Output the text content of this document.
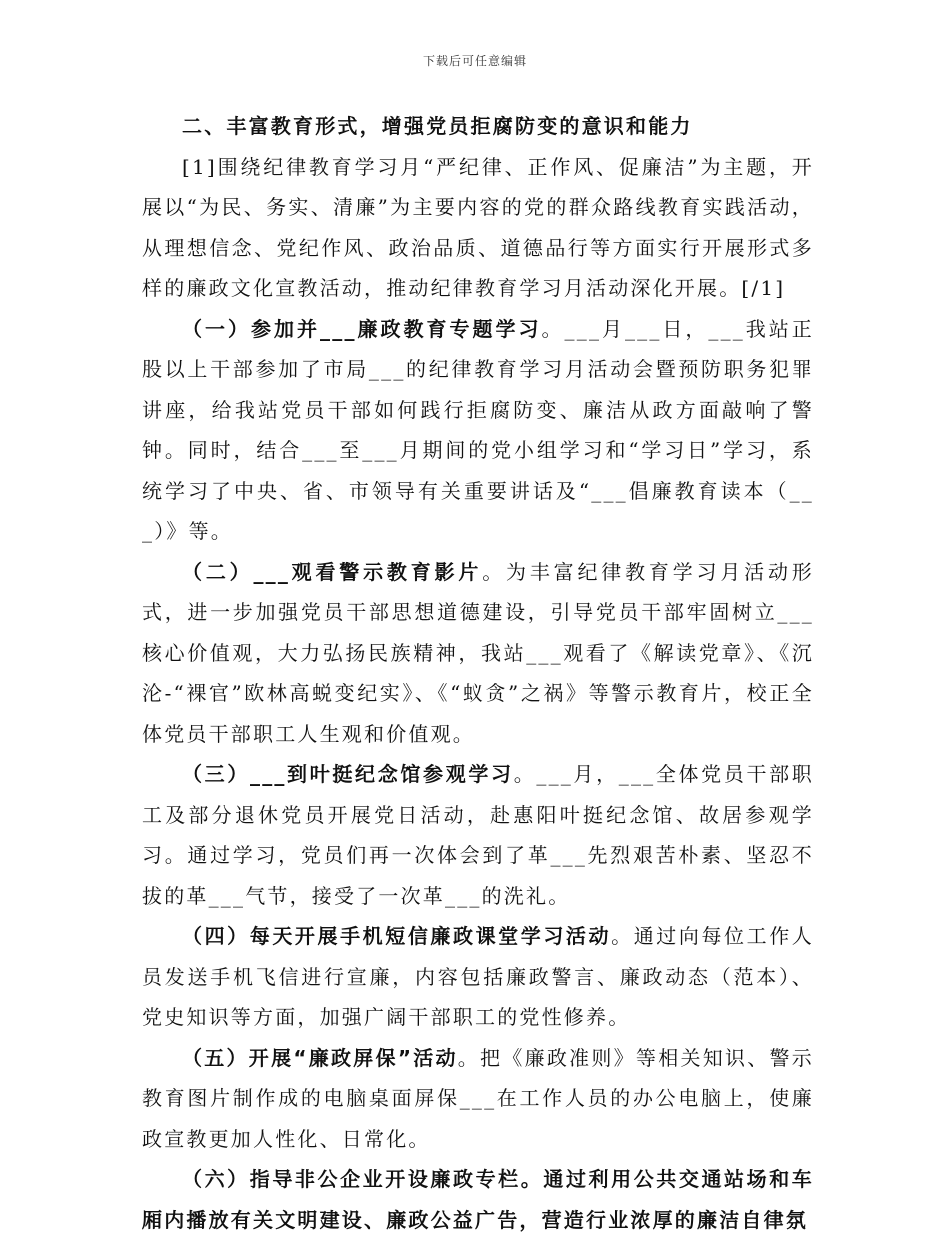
下载后可任意编辑
二、丰富教育形式，增强党员拒腐防变的意识和能力

[1]围绕纪律教育学习月“严纪律、正作风、促廉洁”为主题，开展以“为民、务实、清廉”为主要内容的党的群众路线教育实践活动，从理想信念、党纪作风、政治品质、道德品行等方面实行开展形式多样的廉政文化宣教活动，推动纪律教育学习月活动深化开展。[/1]

（一）参加并___廉政教育专题学习。___月___日，___我站正股以上干部参加了市局___的纪律教育学习月活动会暨预防职务犯罪讲座，给我站党员干部如何践行拒腐防变、廉洁从政方面敲响了警钟。同时，结合___至___月期间的党小组学习和“学习日”学习，系统学习了中央、省、市领导有关重要讲话及“___倡廉教育读本（___）》等。

（二）___观看警示教育影片。为丰富纪律教育学习月活动形式，进一步加强党员干部思想道德建设，引导党员干部牢固树立___核心价值观，大力弘扬民族精神，我站___观看了《解读党章》、《沉沦-“裸官”欧林高蜕变纪实》、《“蚁贪”之祸》等警示教育片，校正全体党员干部职工人生观和价值观。

（三）___到叶挺纪念馆参观学习。___月，___全体党员干部职工及部分退休党员开展党日活动，赴惠阳叶挺纪念馆、故居参观学习。通过学习，党员们再一次体会到了革___先烈艰苦朴素、坚忍不拔的革___气节，接受了一次革___的洗礼。

（四）每天开展手机短信廉政课堂学习活动。通过向每位工作人员发送手机飞信进行宣廉，内容包括廉政警言、廉政动态（范本）、党史知识等方面，加强广阔干部职工的党性修养。

（五）开展“廉政屏保”活动。把《廉政准则》等相关知识、警示教育图片制作成的电脑桌面屏保___在工作人员的办公电脑上，使廉政宣教更加人性化、日常化。

（六）指导非公企业开设廉政专栏。通过利用公共交通站场和车厢内播放有关文明建设、廉政公益广告，营造行业浓厚的廉洁自律氛
